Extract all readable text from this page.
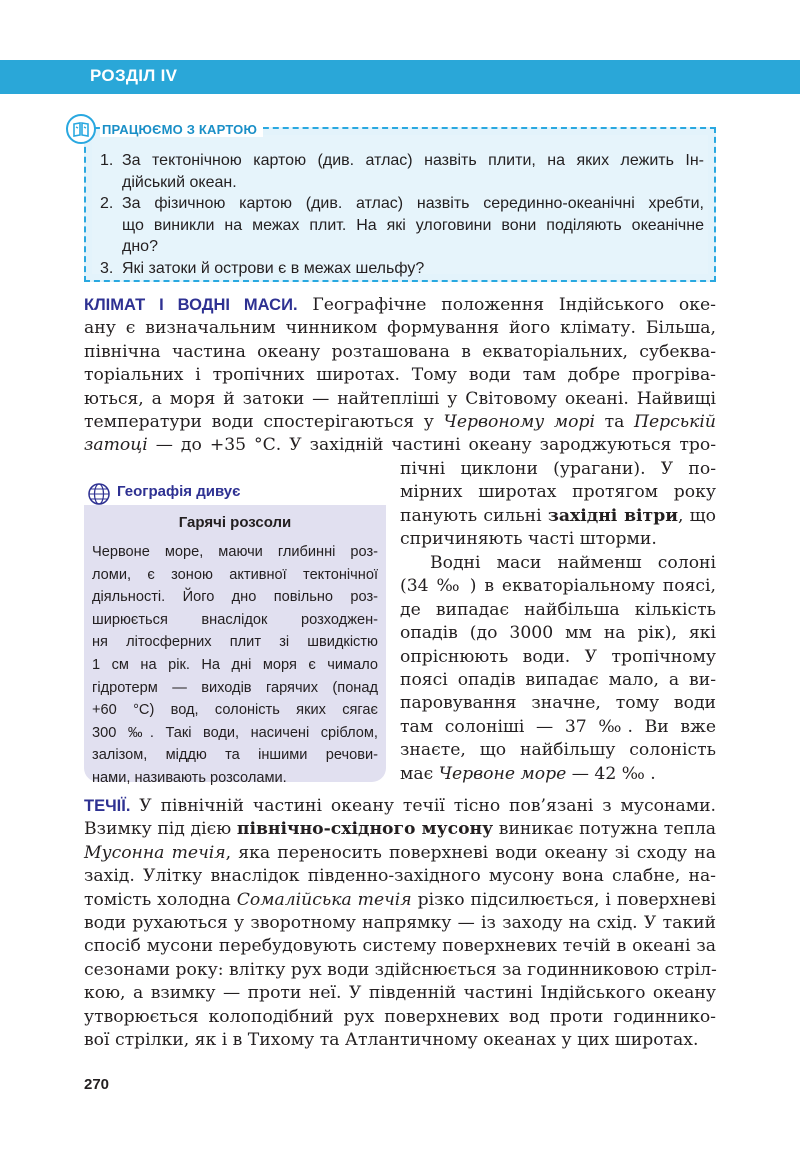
РОЗДІЛ IV
ПРАЦЮЄМО З КАРТОЮ
1. За тектонічною картою (див. атлас) назвіть плити, на яких лежить Ін-
дійський океан.
2. За фізичною картою (див. атлас) назвіть серединно-океанічні хребти,
що виникли на межах плит. На які улоговини вони поділяють океанічне
дно?
3. Які затоки й острови є в межах шельфу?
КЛІМАТ І ВОДНІ МАСИ. Географічне положення Індійського оке-
ану є визначальним чинником формування його клімату. Більша,
північна частина океану розташована в екваторіальних, субеква-
торіальних і тропічних широтах. Тому води там добре прогріва-
ються, а моря й затоки — найтепліші у Світовому океані. Найвищі
температури води спостерігаються у Червоному морі та Перській
затоці — до +35 °С. У західній частині океану зароджуються тро-
пічні циклони (урагани). У по-
мірних широтах протягом року
панують сильні західні вітри, що
спричиняють часті шторми.
Водні маси найменш солоні
(34 ‰ ) в екваторіальному поясі,
де випадає найбільша кількість
опадів (до 3000 мм на рік), які
опріснюють води. У тропічному
поясі опадів випадає мало, а ви-
паровування значне, тому води
там солоніші — 37 ‰. Ви вже
знаєте, що найбільшу солоність
має Червоне море — 42 ‰ .
Географія дивує
Гарячі розсоли
Червоне море, маючи глибинні роз-
ломи, є зоною активної тектонічної
діяльності. Його дно повільно роз-
ширюється внаслідок розходжен-
ня літосферних плит зі швидкістю
1 см на рік. На дні моря є чимало
гідротерм — виходів гарячих (понад
+60 °С) вод, солоність яких сягає
300 ‰. Такі води, насичені сріблом,
залізом, міддю та іншими речови-
нами, називають розсолами.
ТЕЧІЇ. У північній частині океану течії тісно пов’язані з мусонами.
Взимку під дією північно-східного мусону виникає потужна тепла
Мусонна течія, яка переносить поверхневі води океану зі сходу на
захід. Улітку внаслідок південно-західного мусону вона слабне, на-
томість холодна Сомалійська течія різко підсилюється, і поверхневі
води рухаються у зворотному напрямку — із заходу на схід. У такий
спосіб мусони перебудовують систему поверхневих течій в океані за
сезонами року: влітку рух води здійснюється за годинниковою стріл-
кою, а взимку — проти неї. У південній частині Індійського океану
утворюється колоподібний рух поверхневих вод проти годиннико-
вої стрілки, як і в Тихому та Атлантичному океанах у цих широтах.
270
